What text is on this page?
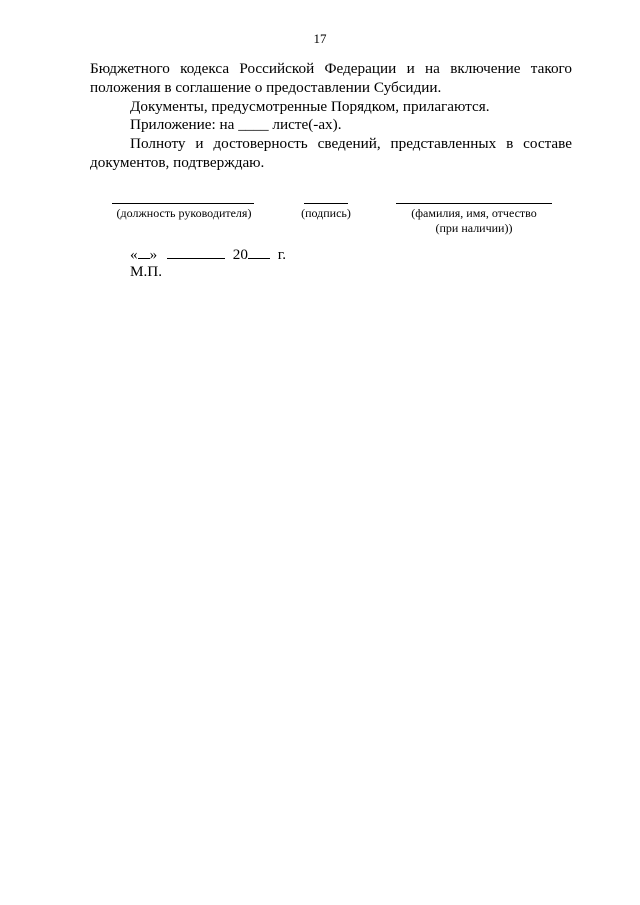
17

Бюджетного кодекса Российской Федерации и на включение такого

положения в соглашение о предоставлении Субсидии.

Документы, предусмотренные Порядком, прилагаются.

Приложение: на ____ листе(-ах).

Полноту и достоверность сведений, представленных в составе документов, подтверждаю.

(должность руководителя)	(подпись)	(фамилия, имя, отчество
(при наличии))
« »	20 г.
М.П.
